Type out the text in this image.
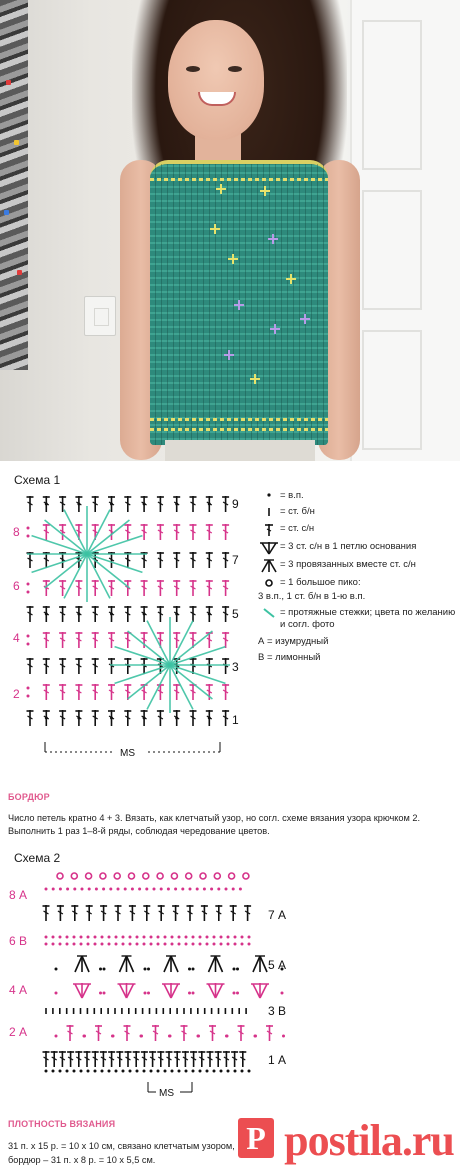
Схема 1
8
6
4
2
9
7
5
3
1
MS
8 А
6 В
4 А
2 А
7 А
5 А
3 В
1 А
MS
= в.п.
= ст. б/н
= ст. с/н
= 3 ст. с/н в 1 петлю основания
= 3 провязанных вместе ст. с/н
= 1 большое пико:
3 в.п., 1 ст. б/н в 1-ю в.п.
= протяжные стежки; цвета по желанию и согл. фото
А = изумрудный
В = лимонный
БОРДЮР
Число петель кратно 4 + 3. Вязать, как клетчатый узор, но согл. схеме вязания узора крючком 2. Выполнить 1 раз 1–8-й ряды, соблюдая чередование цветов.
Схема 2
ПЛОТНОСТЬ ВЯЗАНИЯ
31 п. х 15 р. = 10 х 10 см, связано клетчатым узором,
бордюр – 31 п. х 8 р. = 10 х 5,5 см.
P postila.ru
